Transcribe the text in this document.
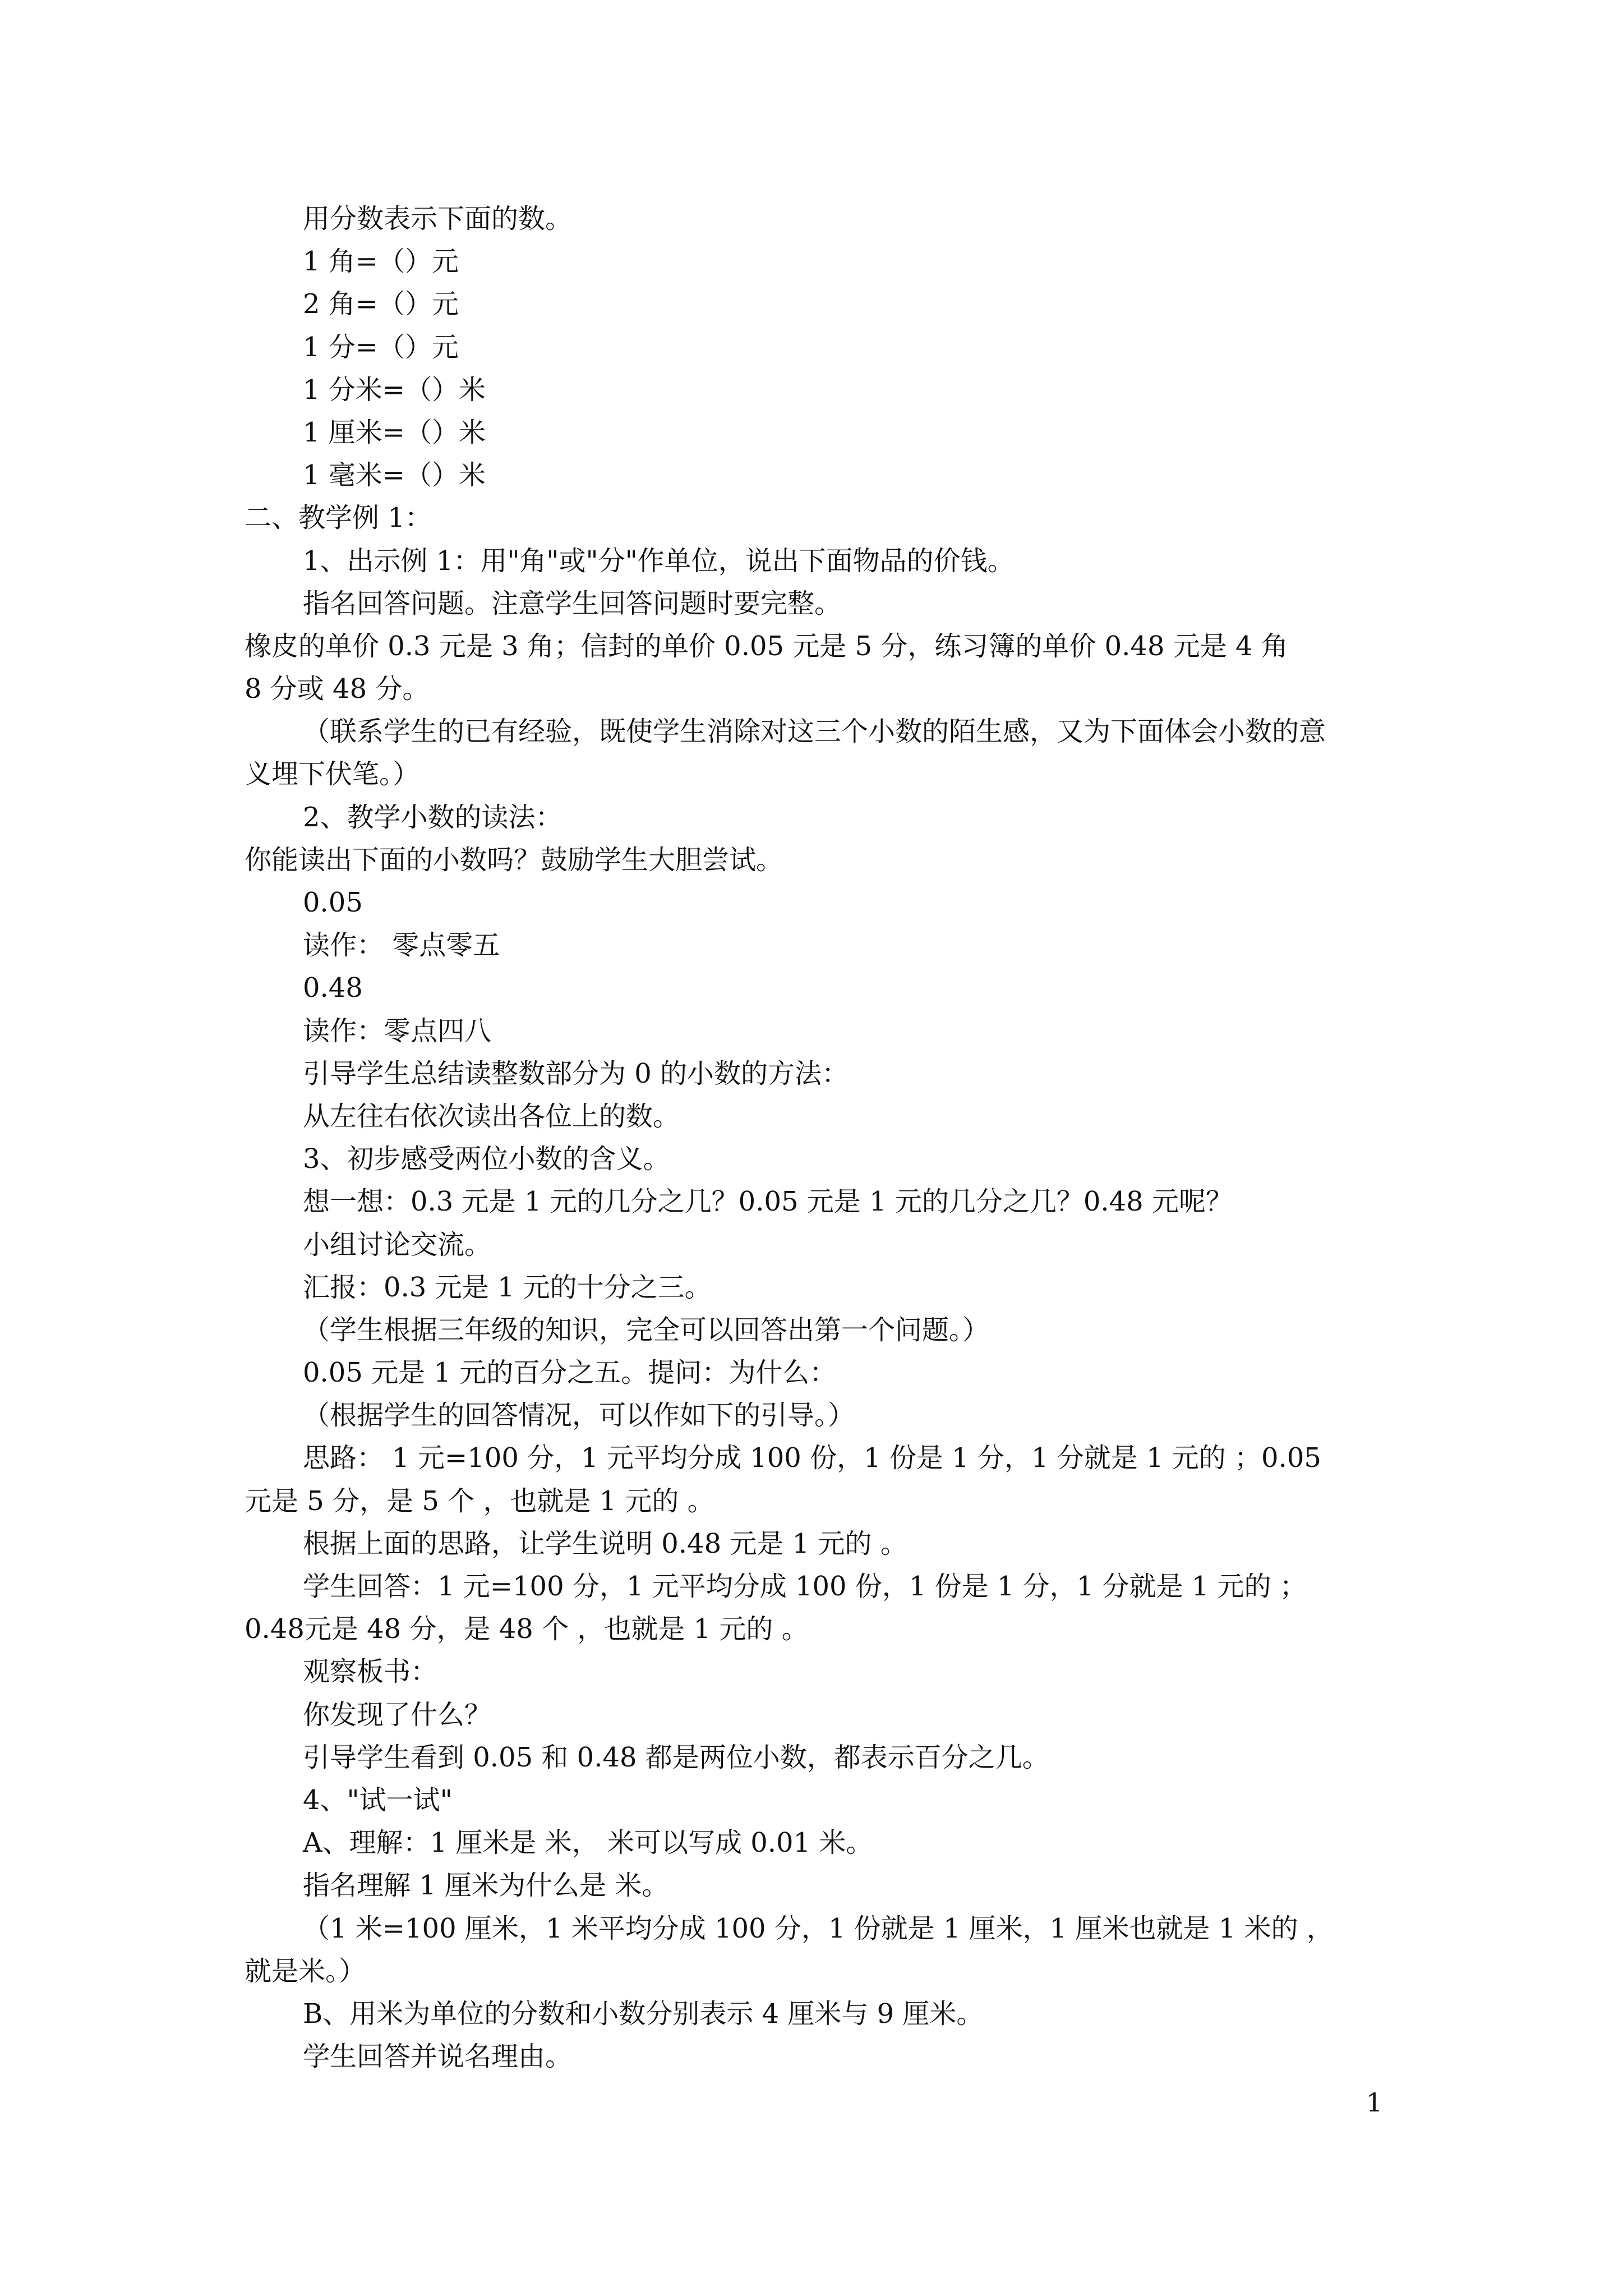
用分数表示下面的数。
1 角=（）元
2 角=（）元
1 分=（）元
1 分米=（）米
1 厘米=（）米
1 毫米=（）米
二、教学例 1：
1、出示例 1：用"角"或"分"作单位，说出下面物品的价钱。
指名回答问题。注意学生回答问题时要完整。
橡皮的单价 0.3 元是 3 角；信封的单价 0.05 元是 5 分，练习簿的单价 0.48 元是 4 角
8 分或 48 分。
（联系学生的已有经验，既使学生消除对这三个小数的陌生感，又为下面体会小数的意
义埋下伏笔。）
2、教学小数的读法：
你能读出下面的小数吗？鼓励学生大胆尝试。
0.05
读作： 零点零五
0.48
读作：零点四八
引导学生总结读整数部分为 0 的小数的方法：
从左往右依次读出各位上的数。
3、初步感受两位小数的含义。
想一想：0.3 元是 1 元的几分之几？0.05 元是 1 元的几分之几？0.48 元呢？
小组讨论交流。
汇报：0.3 元是 1 元的十分之三。
（学生根据三年级的知识，完全可以回答出第一个问题。）
0.05 元是 1 元的百分之五。提问：为什么：
（根据学生的回答情况，可以作如下的引导。）
思路： 1 元=100 分，1 元平均分成 100 份，1 份是 1 分，1 分就是 1 元的 ；0.05
元是 5 分，是 5 个 ，也就是 1 元的 。
根据上面的思路，让学生说明 0.48 元是 1 元的 。
学生回答：1 元=100 分，1 元平均分成 100 份，1 份是 1 分，1 分就是 1 元的 ；
0.48元是 48 分，是 48 个 ，也就是 1 元的 。
观察板书：
你发现了什么？
引导学生看到 0.05 和 0.48 都是两位小数，都表示百分之几。
4、"试一试"
A、理解：1 厘米是 米， 米可以写成 0.01 米。
指名理解 1 厘米为什么是 米。
（1 米=100 厘米，1 米平均分成 100 分，1 份就是 1 厘米，1 厘米也就是 1 米的 ，
就是米。）
B、用米为单位的分数和小数分别表示 4 厘米与 9 厘米。
学生回答并说名理由。
1
